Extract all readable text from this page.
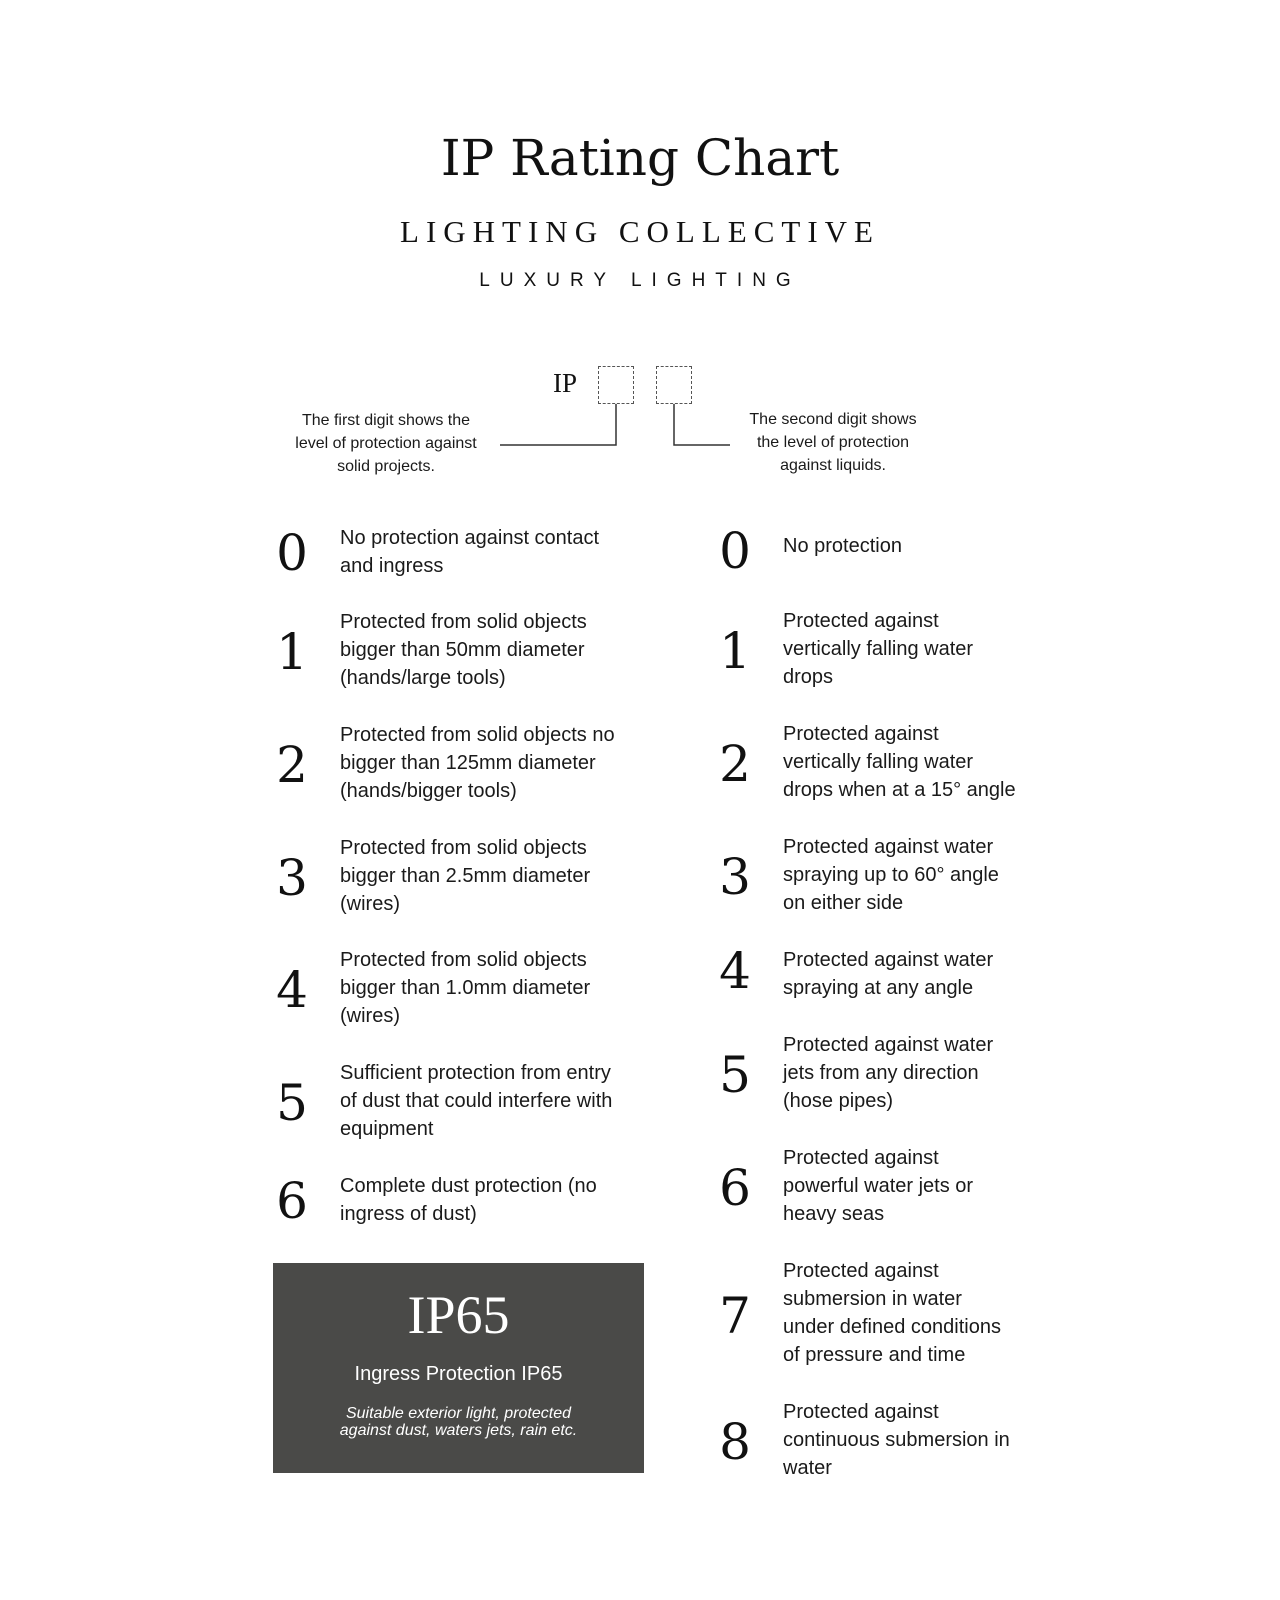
IP Rating Chart
LIGHTING COLLECTIVE
LUXURY LIGHTING
IP
The first digit shows the
level of protection against
solid projects.
The second digit shows
the level of protection
against liquids.
0 No protection against contact
and ingress
1
Protected from solid objects
bigger than 50mm diameter
(hands/large tools)
2
Protected from solid objects no
bigger than 125mm diameter
(hands/bigger tools)
3
Protected from solid objects
bigger than 2.5mm diameter
(wires)
4
Protected from solid objects
bigger than 1.0mm diameter
(wires)
5
Sufficient protection from entry
of dust that could interfere with
equipment
6 Complete dust protection (no
ingress of dust)
0 No protection
1
Protected against
vertically falling water
drops
2
Protected against
vertically falling water
drops when at a 15° angle
3
Protected against water
spraying up to 60° angle
on either side
4 Protected against water
spraying at any angle
5
Protected against water
jets from any direction
(hose pipes)
6
Protected against
powerful water jets or
heavy seas
7
Protected against
submersion in water
under defined conditions
of pressure and time
8
Protected against
continuous submersion in
water
IP65
Ingress Protection IP65
Suitable exterior light, protected
against dust, waters jets, rain etc.
